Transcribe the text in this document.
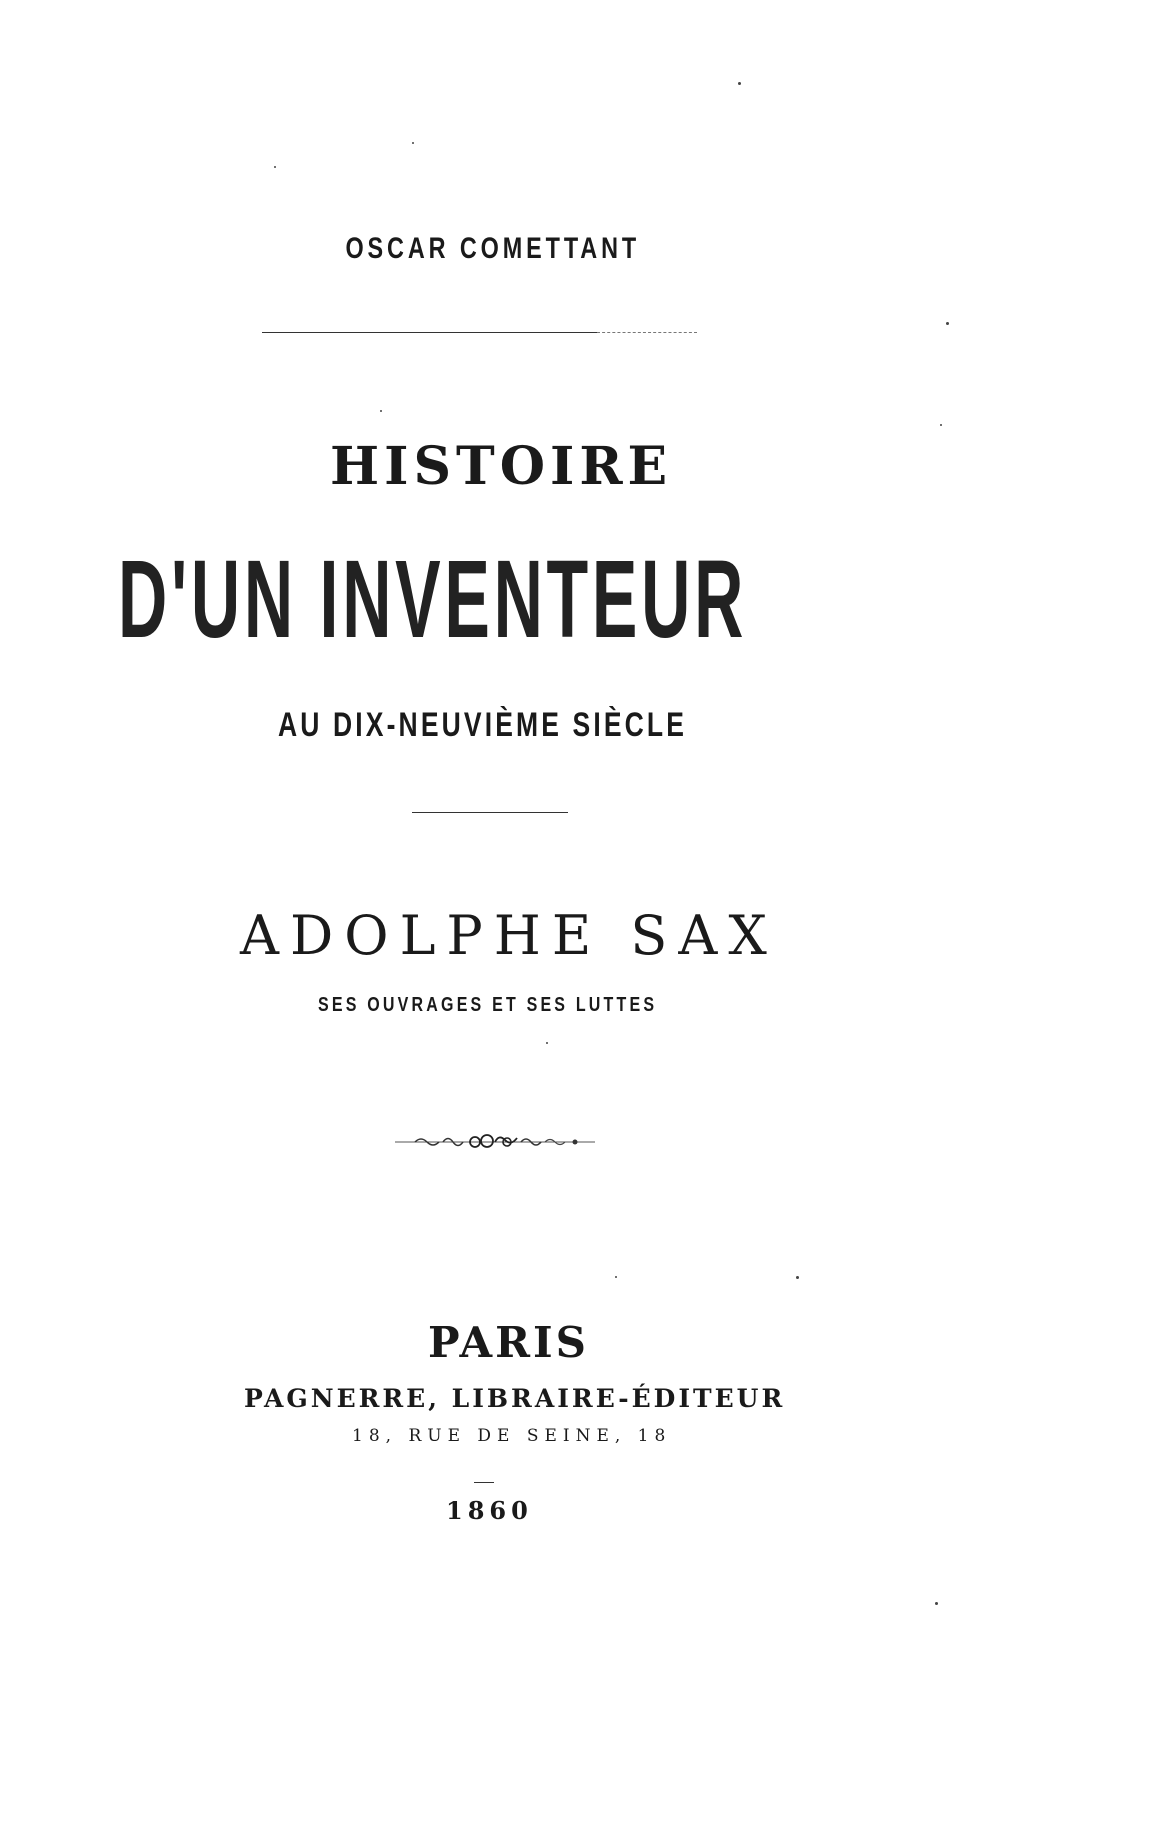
OSCAR COMETTANT
HISTOIRE
D'UN INVENTEUR
AU DIX-NEUVIÈME SIÈCLE
ADOLPHE SAX
SES OUVRAGES ET SES LUTTES
PARIS
PAGNERRE, LIBRAIRE-ÉDITEUR
18, RUE DE SEINE, 18
1860
